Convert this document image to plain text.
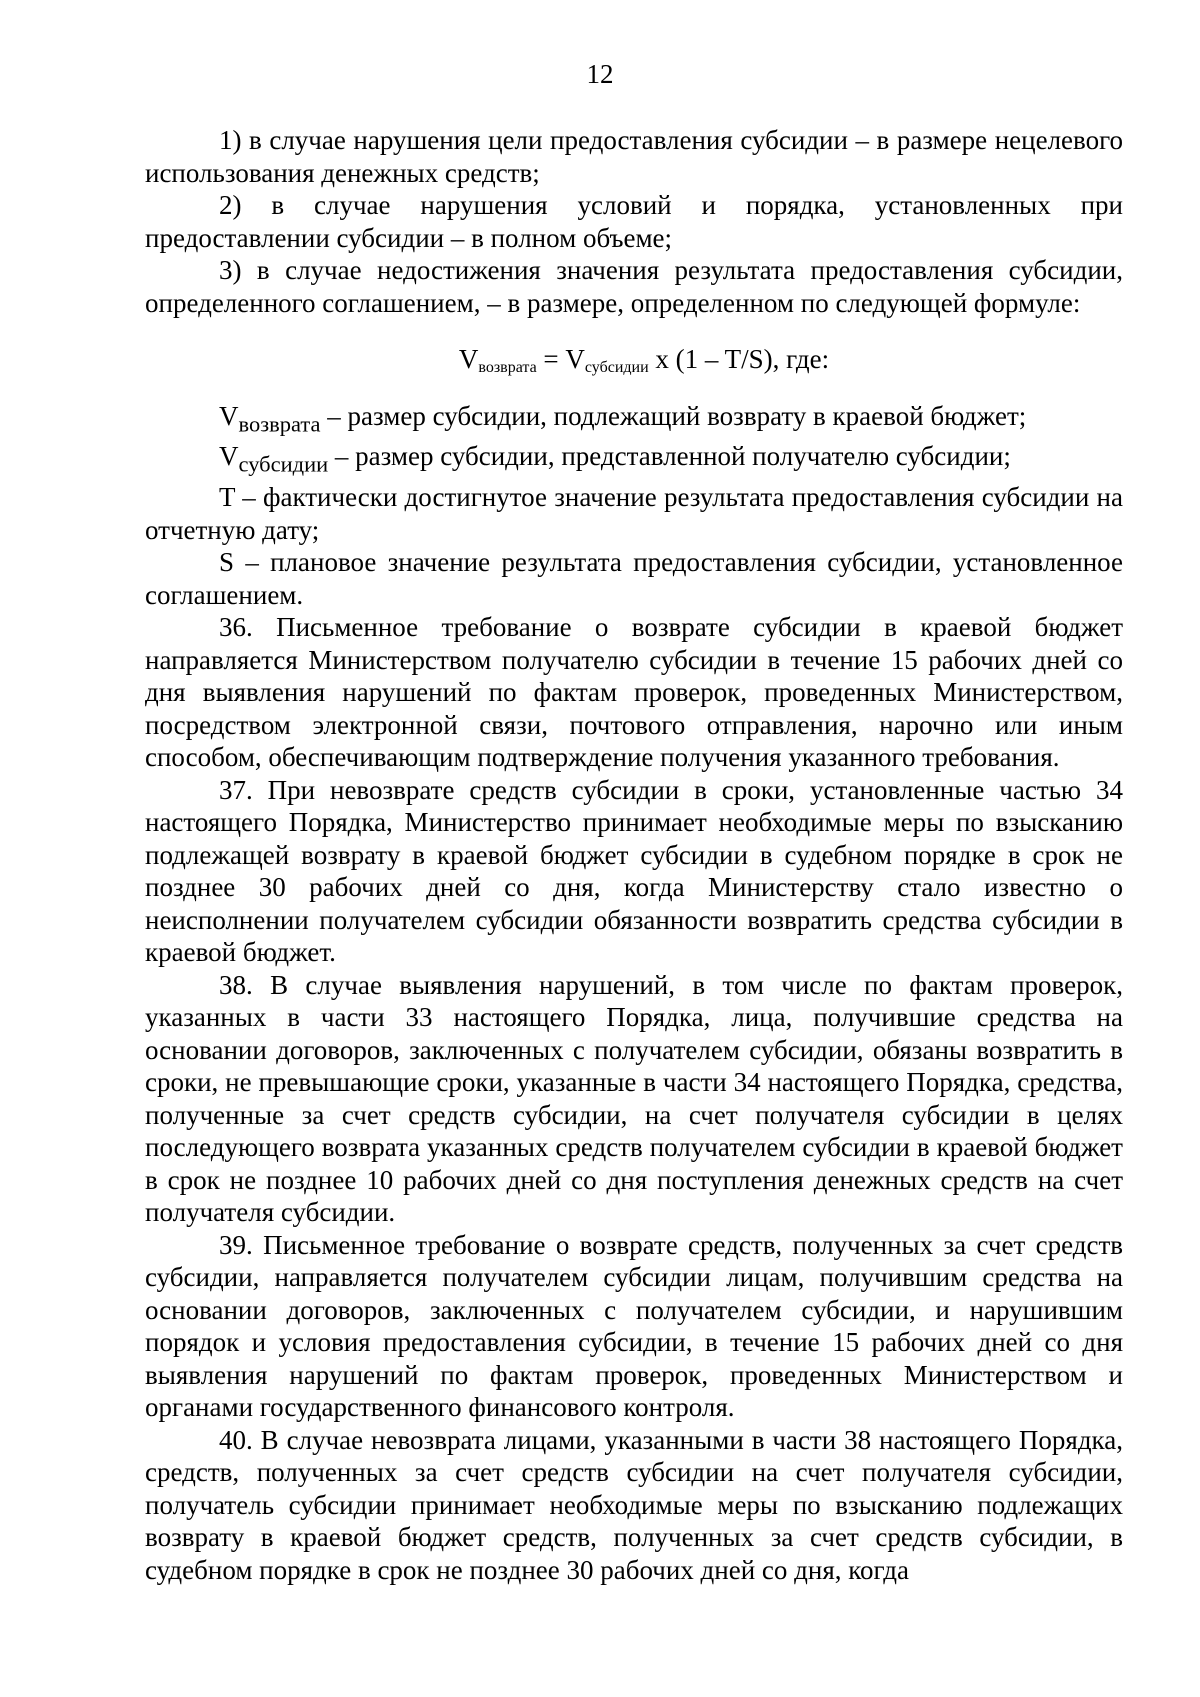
12

1) в случае нарушения цели предоставления субсидии – в размере нецелевого использования денежных средств;

2) в случае нарушения условий и порядка, установленных при предоставлении субсидии – в полном объеме;

3) в случае недостижения значения результата предоставления субсидии, определенного соглашением, – в размере, определенном по следующей формуле:

$V_{возврата} = V_{субсидии}$ x (1 – T/S), где:

$V_{возврата}$ – размер субсидии, подлежащий возврату в краевой бюджет;

$V_{субсидии}$ – размер субсидии, представленной получателю субсидии;

T – фактически достигнутое значение результата предоставления субсидии на отчетную дату;

S – плановое значение результата предоставления субсидии, установленное соглашением.

36. Письменное требование о возврате субсидии в краевой бюджет направляется Министерством получателю субсидии в течение 15 рабочих дней со дня выявления нарушений по фактам проверок, проведенных Министерством, посредством электронной связи, почтового отправления, нарочно или иным способом, обеспечивающим подтверждение получения указанного требования.

37. При невозврате средств субсидии в сроки, установленные частью 34 настоящего Порядка, Министерство принимает необходимые меры по взысканию подлежащей возврату в краевой бюджет субсидии в судебном порядке в срок не позднее 30 рабочих дней со дня, когда Министерству стало известно о неисполнении получателем субсидии обязанности возвратить средства субсидии в краевой бюджет.

38. В случае выявления нарушений, в том числе по фактам проверок, указанных в части 33 настоящего Порядка, лица, получившие средства на основании договоров, заключенных с получателем субсидии, обязаны возвратить в сроки, не превышающие сроки, указанные в части 34 настоящего Порядка, средства, полученные за счет средств субсидии, на счет получателя субсидии в целях последующего возврата указанных средств получателем субсидии в краевой бюджет в срок не позднее 10 рабочих дней со дня поступления денежных средств на счет получателя субсидии.

39. Письменное требование о возврате средств, полученных за счет средств субсидии, направляется получателем субсидии лицам, получившим средства на основании договоров, заключенных с получателем субсидии, и нарушившим порядок и условия предоставления субсидии, в течение 15 рабочих дней со дня выявления нарушений по фактам проверок, проведенных Министерством и органами государственного финансового контроля.

40. В случае невозврата лицами, указанными в части 38 настоящего Порядка, средств, полученных за счет средств субсидии на счет получателя субсидии, получатель субсидии принимает необходимые меры по взысканию подлежащих возврату в краевой бюджет средств, полученных за счет средств субсидии, в судебном порядке в срок не позднее 30 рабочих дней со дня, когда
